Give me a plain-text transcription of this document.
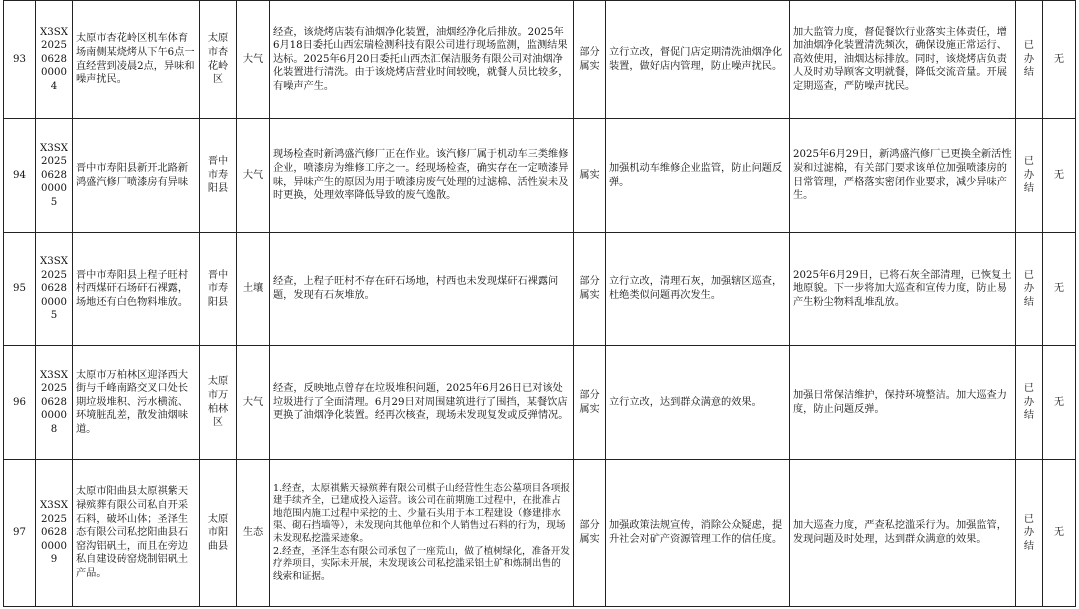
93	X3SX2025062800004	太原市杏花岭区机车体育场南侧某烧烤从下午6点一直经营到凌晨2点，异味和噪声扰民。	太原市杏花岭区	大气	经查，该烧烤店装有油烟净化装置，油烟经净化后排放。2025年6月18日委托山西宏瑞检测科技有限公司进行现场监测，监测结果达标。2025年6月20日委托山西杰汇保洁服务有限公司对油烟净化装置进行清洗。由于该烧烤店营业时间较晚，就餐人员比较多，有噪声产生。	部分属实	立行立改，督促门店定期清洗油烟净化装置，做好店内管理，防止噪声扰民。	加大监管力度，督促餐饮行业落实主体责任，增加油烟净化装置清洗频次，确保设施正常运行、高效使用，油烟达标排放。同时，该烧烤店负责人及时劝导顾客文明就餐，降低交流音量。开展定期巡查，严防噪声扰民。	已办结	无
94	X3SX2025062800005	晋中市寿阳县新开北路新鸿盛汽修厂喷漆房有异味	晋中市寿阳县	大气	现场检查时新鸿盛汽修厂正在作业。该汽修厂属于机动车三类维修企业，喷漆房为维修工序之一。经现场检查，确实存在一定喷漆异味，异味产生的原因为用于喷漆房废气处理的过滤棉、活性炭未及时更换，处理效率降低导致的废气逸散。	属实	加强机动车维修企业监管，防止问题反弹。	2025年6月29日，新鸿盛汽修厂已更换全新活性炭和过滤棉，有关部门要求该单位加强喷漆房的日常管理，严格落实密闭作业要求，减少异味产生。	已办结	无
95	X3SX2025062800005	晋中市寿阳县上程子旺村村西煤矸石场矸石裸露，场地还有白色物料堆放。	晋中市寿阳县	土壤	经查，上程子旺村不存在矸石场地，村西也未发现煤矸石裸露问题，发现有石灰堆放。	部分属实	立行立改，清理石灰，加强辖区巡查，杜绝类似问题再次发生。	2025年6月29日，已将石灰全部清理，已恢复土地原貌。下一步将加大巡查和宣传力度，防止易产生粉尘物料乱堆乱放。	已办结	无
96	X3SX2025062800008	太原市万柏林区迎泽西大街与千峰南路交叉口处长期垃圾堆积、污水横流、环境脏乱差，散发油烟味道。	太原市万柏林区	大气	经查，反映地点曾存在垃圾堆积问题，2025年6月26日已对该处垃圾进行了全面清理。6月29日对周围建筑进行了围挡，某餐饮店更换了油烟净化装置。经再次核查，现场未发现复发或反弹情况。	部分属实	立行立改，达到群众满意的效果。	加强日常保洁维护，保持环境整洁。加大巡查力度，防止问题反弹。	已办结	无
97	X3SX2025062800009	太原市阳曲县太原祺紫天禄殡葬有限公司私自开采石料，破坏山体；圣泽生态有限公司私挖阳曲县石窑沟铝矾土，而且在旁边私自建设砖窑烧制铝矾土产品。	太原市阳曲县	生态	1.经查，太原祺紫天禄殡葬有限公司棋子山经营性生态公墓项目各项报建手续齐全，已建成投入运营。该公司在前期施工过程中，在批准占地范围内施工过程中采挖的土、少量石头用于本工程建设（修建排水渠、砌石挡墙等），未发现向其他单位和个人销售过石料的行为，现场未发现私挖滥采迹象。
2.经查，圣泽生态有限公司承包了一座荒山，做了植树绿化，准备开发疗养项目，实际未开展，未发现该公司私挖滥采铝土矿和炼制出售的线索和证据。	部分属实	加强政策法规宣传，消除公众疑虑，提升社会对矿产资源管理工作的信任度。	加大巡查力度，严查私挖滥采行为。加强监管，发现问题及时处理，达到群众满意的效果。	已办结	无
